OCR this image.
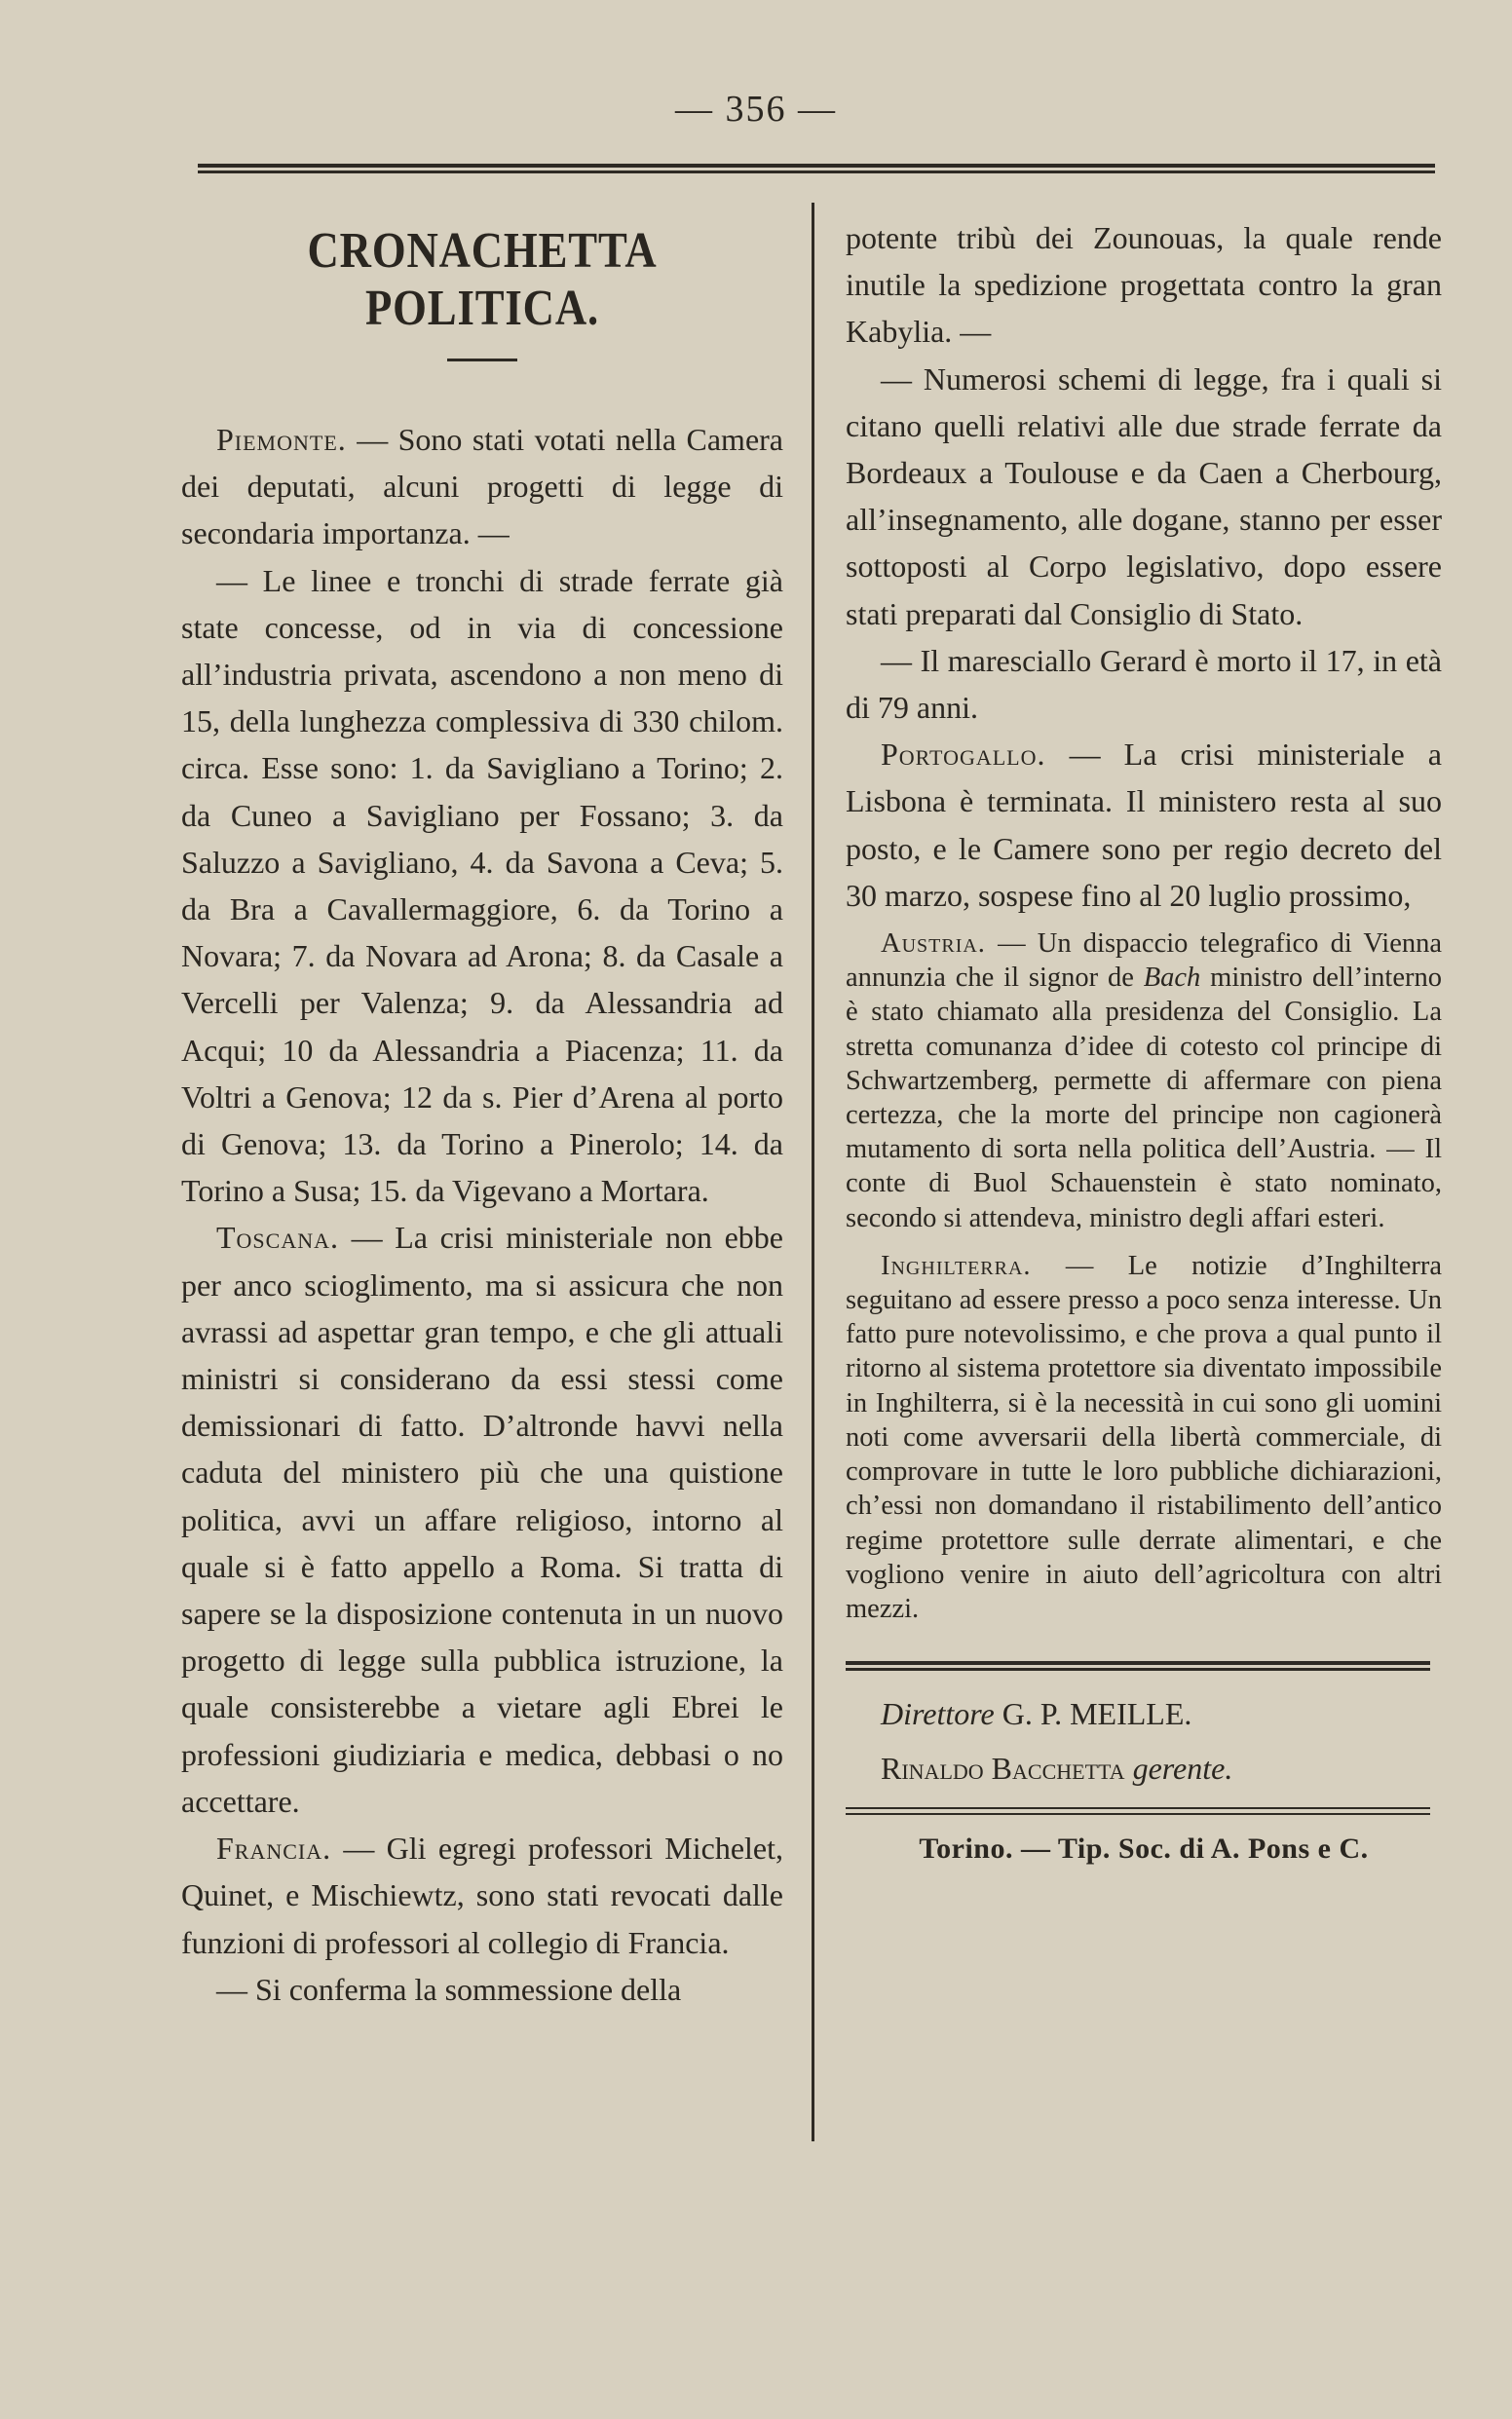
— 356 —
CRONACHETTA POLITICA.

Piemonte. — Sono stati votati nella Camera dei deputati, alcuni progetti di legge di secondaria importanza. —

— Le linee e tronchi di strade ferrate già state concesse, od in via di concessione all’industria privata, ascendono a non meno di 15, della lunghezza complessiva di 330 chilom. circa. Esse sono: 1. da Savigliano a Torino; 2. da Cuneo a Savigliano per Fossano; 3. da Saluzzo a Savigliano, 4. da Savona a Ceva; 5. da Bra a Cavallermaggiore, 6. da Torino a Novara; 7. da Novara ad Arona; 8. da Casale a Vercelli per Valenza; 9. da Alessandria ad Acqui; 10 da Alessandria a Piacenza; 11. da Voltri a Genova; 12 da s. Pier d’Arena al porto di Genova; 13. da Torino a Pinerolo; 14. da Torino a Susa; 15. da Vigevano a Mortara.

Toscana. — La crisi ministeriale non ebbe per anco scioglimento, ma si assicura che non avrassi ad aspettar gran tempo, e che gli attuali ministri si considerano da essi stessi come demissionari di fatto. D’altronde havvi nella caduta del ministero più che una quistione politica, avvi un affare religioso, intorno al quale si è fatto appello a Roma. Si tratta di sapere se la disposizione contenuta in un nuovo progetto di legge sulla pubblica istruzione, la quale consisterebbe a vietare agli Ebrei le professioni giudiziaria e medica, debbasi o no accettare.

Francia. — Gli egregi professori Michelet, Quinet, e Mischiewtz, sono stati revocati dalle funzioni di professori al collegio di Francia.

— Si conferma la sommessione della

potente tribù dei Zounouas, la quale rende inutile la spedizione progettata contro la gran Kabylia. —

— Numerosi schemi di legge, fra i quali si citano quelli relativi alle due strade ferrate da Bordeaux a Toulouse e da Caen a Cherbourg, all’insegnamento, alle dogane, stanno per esser sottoposti al Corpo legislativo, dopo essere stati preparati dal Consiglio di Stato.

— Il maresciallo Gerard è morto il 17, in età di 79 anni.

Portogallo. — La crisi ministeriale a Lisbona è terminata. Il ministero resta al suo posto, e le Camere sono per regio decreto del 30 marzo, sospese fino al 20 luglio prossimo,

Austria. — Un dispaccio telegrafico di Vienna annunzia che il signor de Bach ministro dell’interno è stato chiamato alla presidenza del Consiglio. La stretta comunanza d’idee di cotesto col principe di Schwartzemberg, permette di affermare con piena certezza, che la morte del principe non cagionerà mutamento di sorta nella politica dell’Austria. — Il conte di Buol Schauenstein è stato nominato, secondo si attendeva, ministro degli affari esteri.

Inghilterra. — Le notizie d’Inghilterra seguitano ad essere presso a poco senza interesse. Un fatto pure notevolissimo, e che prova a qual punto il ritorno al sistema protettore sia diventato impossibile in Inghilterra, si è la necessità in cui sono gli uomini noti come avversarii della libertà commerciale, di comprovare in tutte le loro pubbliche dichiarazioni, ch’essi non domandano il ristabilimento dell’antico regime protettore sulle derrate alimentari, e che vogliono venire in aiuto dell’agricoltura con altri mezzi.

Direttore G. P. MEILLE.
Rinaldo Bacchetta gerente.
Torino. — Tip. Soc. di A. Pons e C.
